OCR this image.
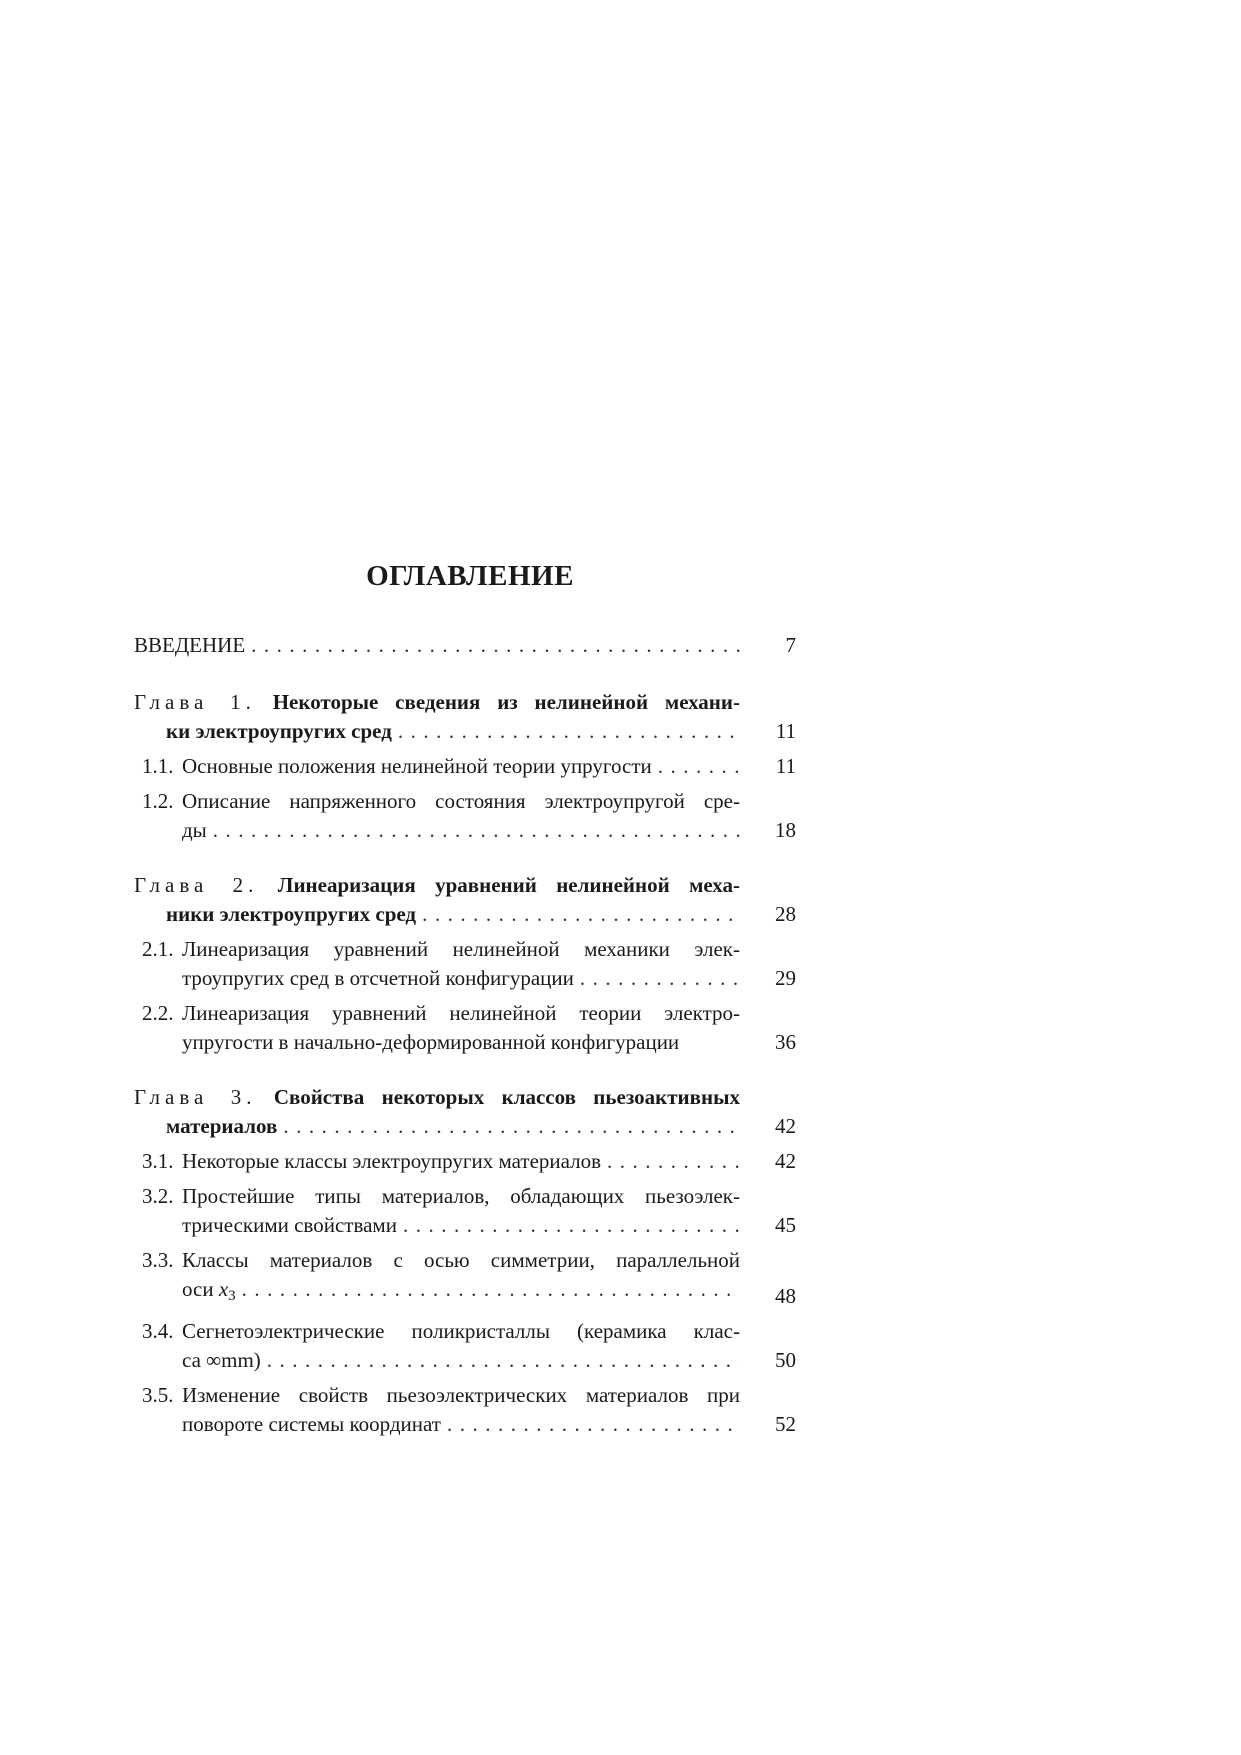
ОГЛАВЛЕНИЕ
ВВЕДЕНИЕ .....	7
Глава 1. Некоторые сведения из нелинейной механи-
ки электроупругих сред .....	11
1.1. Основные положения нелинейной теории упругости .....	11
1.2. Описание напряженного состояния электроупругой сре-
ды .....	18
Глава 2. Линеаризация уравнений нелинейной меха-
ники электроупругих сред .....	28
2.1. Линеаризация уравнений нелинейной механики элек-
троупругих сред в отсчетной конфигурации .....	29
2.2. Линеаризация уравнений нелинейной теории электро-
упругости в начально-деформированной конфигурации	36
Глава 3. Свойства некоторых классов пьезоактивных
материалов .....	42
3.1. Некоторые классы электроупругих материалов .....	42
3.2. Простейшие типы материалов, обладающих пьезоэлек-
трическими свойствами .....	45
3.3. Классы материалов с осью симметрии, параллельной
оси x3 .....	48
3.4. Сегнетоэлектрические поликристаллы (керамика клас-
са ∞mm) .....	50
3.5. Изменение свойств пьезоэлектрических материалов при
повороте системы координат .....	52
